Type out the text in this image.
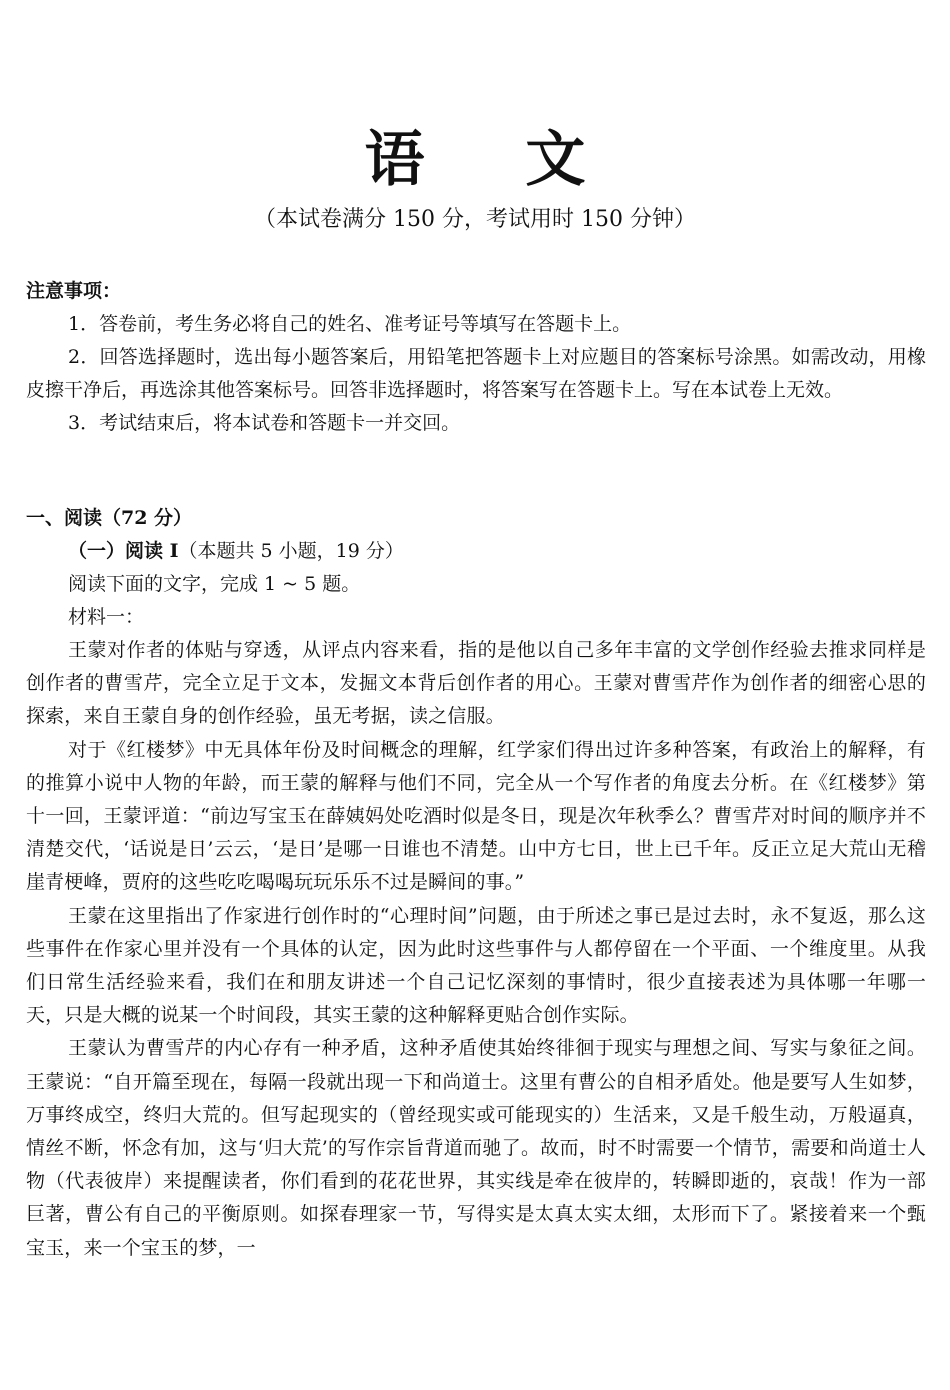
语 文
（本试卷满分 150 分，考试用时 150 分钟）
注意事项：

1．答卷前，考生务必将自己的姓名、准考证号等填写在答题卡上。

2．回答选择题时，选出每小题答案后，用铅笔把答题卡上对应题目的答案标号涂黑。如需改动，用橡皮擦干净后，再选涂其他答案标号。回答非选择题时，将答案写在答题卡上。写在本试卷上无效。

3．考试结束后，将本试卷和答题卡一并交回。

一、阅读（72 分）
（一）阅读 Ⅰ（本题共 5 小题，19 分）
阅读下面的文字，完成 1 ~ 5 题。
材料一：

王蒙对作者的体贴与穿透，从评点内容来看，指的是他以自己多年丰富的文学创作经验去推求同样是创作者的曹雪芹，完全立足于文本，发掘文本背后创作者的用心。王蒙对曹雪芹作为创作者的细密心思的探索，来自王蒙自身的创作经验，虽无考据，读之信服。

对于《红楼梦》中无具体年份及时间概念的理解，红学家们得出过许多种答案，有政治上的解释，有的推算小说中人物的年龄，而王蒙的解释与他们不同，完全从一个写作者的角度去分析。在《红楼梦》第十一回，王蒙评道：“前边写宝玉在薛姨妈处吃酒时似是冬日，现是次年秋季么？曹雪芹对时间的顺序并不清楚交代，‘话说是日’云云，‘是日’是哪一日谁也不清楚。山中方七日，世上已千年。反正立足大荒山无稽崖青梗峰，贾府的这些吃吃喝喝玩玩乐乐不过是瞬间的事。”

王蒙在这里指出了作家进行创作时的“心理时间”问题，由于所述之事已是过去时，永不复返，那么这些事件在作家心里并没有一个具体的认定，因为此时这些事件与人都停留在一个平面、一个维度里。从我们日常生活经验来看，我们在和朋友讲述一个自己记忆深刻的事情时，很少直接表述为具体哪一年哪一天，只是大概的说某一个时间段，其实王蒙的这种解释更贴合创作实际。

王蒙认为曹雪芹的内心存有一种矛盾，这种矛盾使其始终徘徊于现实与理想之间、写实与象征之间。王蒙说：“自开篇至现在，每隔一段就出现一下和尚道士。这里有曹公的自相矛盾处。他是要写人生如梦，万事终成空，终归大荒的。但写起现实的（曾经现实或可能现实的）生活来，又是千般生动，万般逼真，情丝不断，怀念有加，这与‘归大荒’的写作宗旨背道而驰了。故而，时不时需要一个情节，需要和尚道士人物（代表彼岸）来提醒读者，你们看到的花花世界，其实线是牵在彼岸的，转瞬即逝的，哀哉！作为一部巨著，曹公有自己的平衡原则。如探春理家一节，写得实是太真太实太细，太形而下了。紧接着来一个甄宝玉，来一个宝玉的梦，一
